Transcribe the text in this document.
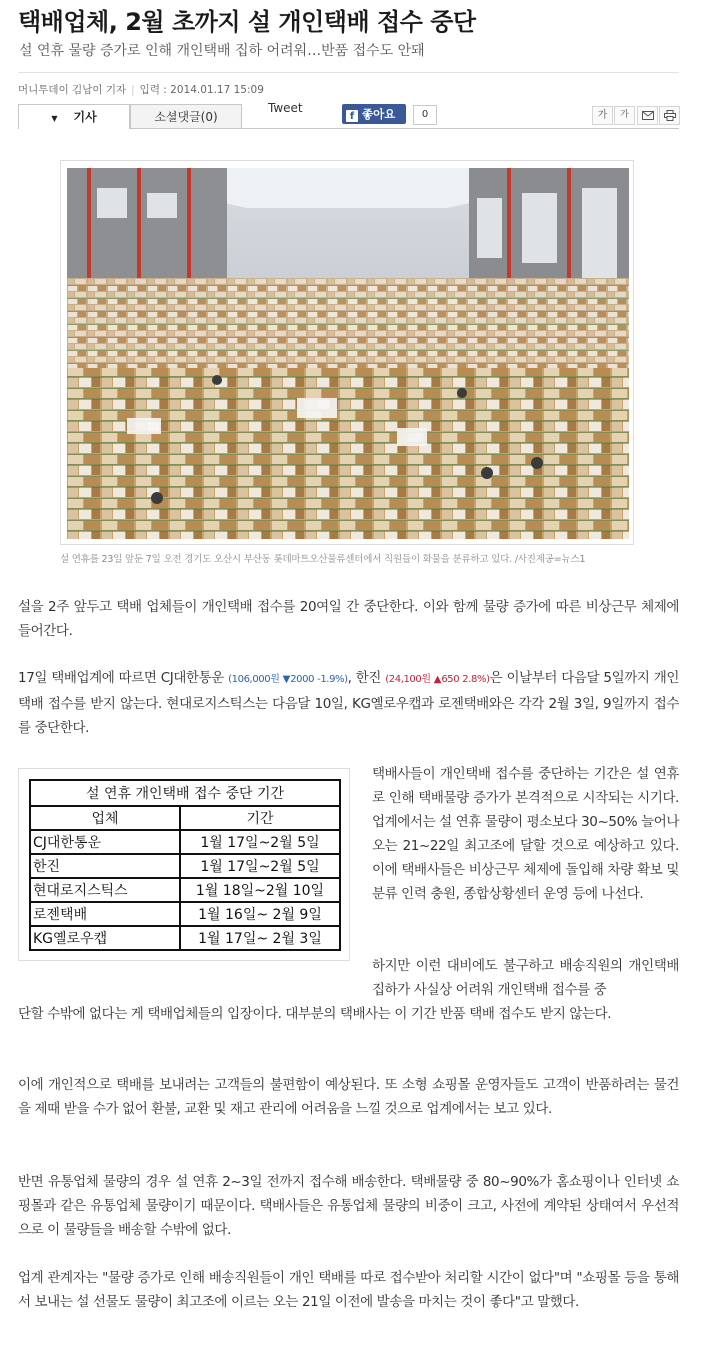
택배업체, 2월 초까지 설 개인택배 접수 중단

설 연휴 물량 증가로 인해 개인택배 집하 어려워…반품 접수도 안돼

머니투데이 김남이 기자 | 입력 : 2014.01.17 15:09
▼ 기사	소셜댓글(0)
Tweet
f 좋아요	0	가	가
설 연휴를 23일 앞둔 7일 오전 경기도 오산시 부산동 롯데마트오산물류센터에서 직원들이 화물을 분류하고 있다. /사진제공=뉴스1

설을 2주 앞두고 택배 업체들이 개인택배 접수를 20여일 간 중단한다. 이와 함께 물량 증가에 따른 비상근무 체제에 들어간다.

17일 택배업계에 따르면 CJ대한통운 (106,000원 ▼2000 -1.9%), 한진 (24,100원 ▲650 2.8%)은 이날부터 다음달 5일까지 개인택배 접수를 받지 않는다. 현대로지스틱스는 다음달 10일, KG옐로우캡과 로젠택배와은 각각 2월 3일, 9일까지 접수를 중단한다.

설 연휴 개인택배 접수 중단 기간	
업체	기간
CJ대한통운	1월 17일~2월 5일
한진	1월 17일~2월 5일
현대로지스틱스	1월 18일~2월 10일
로젠택배	1월 16일~ 2월 9일
KG옐로우캡	1월 17일~ 2월 3일

택배사들이 개인택배 접수를 중단하는 기간은 설 연휴로 인해 택배물량 증가가 본격적으로 시작되는 시기다. 업계에서는 설 연휴 물량이 평소보다 30~50% 늘어나 오는 21~22일 최고조에 달할 것으로 예상하고 있다. 이에 택배사들은 비상근무 체제에 돌입해 차량 확보 및 분류 인력 충원, 종합상황센터 운영 등에 나선다.

하지만 이런 대비에도 불구하고 배송직원의 개인택배 집하가 사실상 어려워 개인택배 접수를 중

단할 수밖에 없다는 게 택배업체들의 입장이다. 대부분의 택배사는 이 기간 반품 택배 접수도 받지 않는다.

이에 개인적으로 택배를 보내려는 고객들의 불편함이 예상된다. 또 소형 쇼핑몰 운영자들도 고객이 반품하려는 물건을 제때 받을 수가 없어 환불, 교환 및 재고 관리에 어려움을 느낄 것으로 업계에서는 보고 있다.

반면 유통업체 물량의 경우 설 연휴 2~3일 전까지 접수해 배송한다. 택배물량 중 80~90%가 홈쇼핑이나 인터넷 쇼핑몰과 같은 유통업체 물량이기 때문이다. 택배사들은 유통업체 물량의 비중이 크고, 사전에 계약된 상태여서 우선적으로 이 물량들을 배송할 수밖에 없다.

업계 관계자는 "물량 증가로 인해 배송직원들이 개인 택배를 따로 접수받아 처리할 시간이 없다"며 "쇼핑몰 등을 통해서 보내는 설 선물도 물량이 최고조에 이르는 오는 21일 이전에 발송을 마치는 것이 좋다"고 말했다.
